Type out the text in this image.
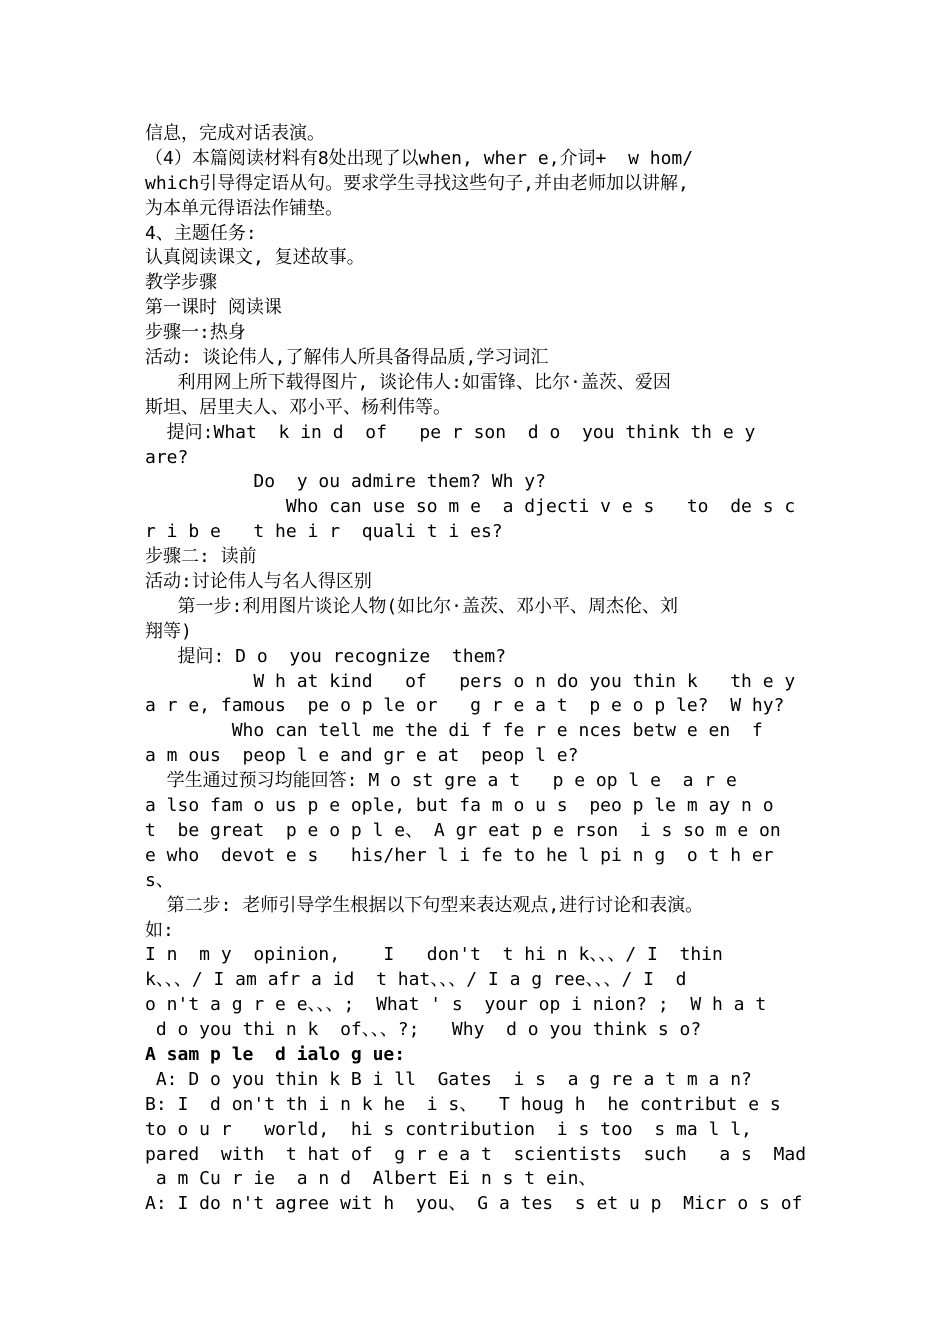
信息，完成对话表演。
（4）本篇阅读材料有8处出现了以when, wher e,介词+  w hom/
which引导得定语从句。要求学生寻找这些句子,并由老师加以讲解,
为本单元得语法作铺垫。
4、主题任务:
认真阅读课文, 复述故事。
教学步骤
第一课时 阅读课
步骤一:热身
活动: 谈论伟人,了解伟人所具备得品质,学习词汇
利用网上所下载得图片, 谈论伟人:如雷锋、比尔·盖茨、爱因
斯坦、居里夫人、邓小平、杨利伟等。
提问:What  k in d  of   pe r son  d o  you think th e y
are?
Do  y ou admire them? Wh y?
Who can use so m e  a djecti v e s   to  de s c
r i b e   t he i r  quali t i es?
步骤二: 读前
活动:讨论伟人与名人得区别
第一步:利用图片谈论人物(如比尔·盖茨、邓小平、周杰伦、刘
翔等)
提问: D o  you recognize  them?
W h at kind   of   pers o n do you thin k   th e y
a r e, famous  pe o p le or   g r e a t  p e o p le?  W hy?
Who can tell me the di f fe r e nces betw e en  f
a m ous  peop l e and gr e at  peop l e?
学生通过预习均能回答: M o st gre a t   p e op l e  a r e
a lso fam o us p e ople, but fa m o u s  peo p le m ay n o
t  be great  p e o p l e、 A gr eat p e rson  i s so m e on
e who  devot e s   his/her l i fe to he l pi n g  o t h er
s、
第二步: 老师引导学生根据以下句型来表达观点,进行讨论和表演。
如:
I n  m y  opinion,    I   don't  t hi n k、、、/ I  thin
k、、、/ I am afr a id  t hat、、、/ I a g ree、、、/ I  d
o n't a g r e e、、、;  What ' s  your op i nion? ;  W h a t
d o you thi n k  of、、、?;   Why  d o you think s o?
A sam p le  d ialo g ue:
A: D o you thin k B i ll  Gates  i s  a g re a t m a n?
B: I  d on't th i n k he  i s、  T houg h  he contribut e s
to o u r   world,  hi s contribution  i s too  s ma l l,
pared  with  t hat of  g r e a t  scientists  such   a s  Mad
a m Cu r ie  a n d  Albert Ei n s t ein、
A: I do n't agree wit h  you、 G a tes  s et u p  Micr o s of
